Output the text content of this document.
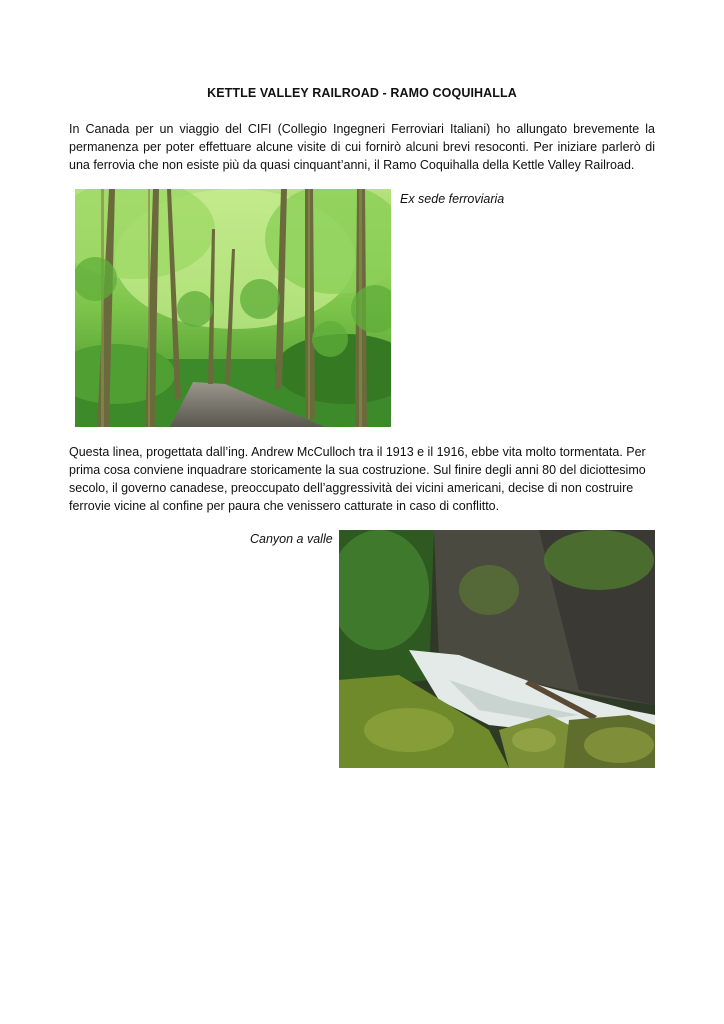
KETTLE VALLEY RAILROAD - RAMO COQUIHALLA

In Canada per un viaggio del CIFI (Collegio Ingegneri Ferroviari Italiani) ho allungato brevemente la permanenza per poter effettuare alcune visite di cui fornirò alcuni brevi resoconti. Per iniziare parlerò di una ferrovia che non esiste più da quasi cinquant’anni, il Ramo Coquihalla della Kettle Valley Railroad.

Ex sede ferroviaria

Questa linea, progettata dall’ing. Andrew McCulloch tra il 1913 e il 1916, ebbe vita molto tormentata. Per prima cosa conviene inquadrare storicamente la sua costruzione. Sul finire degli anni 80 del diciottesimo secolo, il governo canadese, preoccupato dell’aggressività dei vicini americani, decise di non costruire ferrovie vicine al confine per paura che venissero catturate in caso di conflitto.

Canyon a valle
